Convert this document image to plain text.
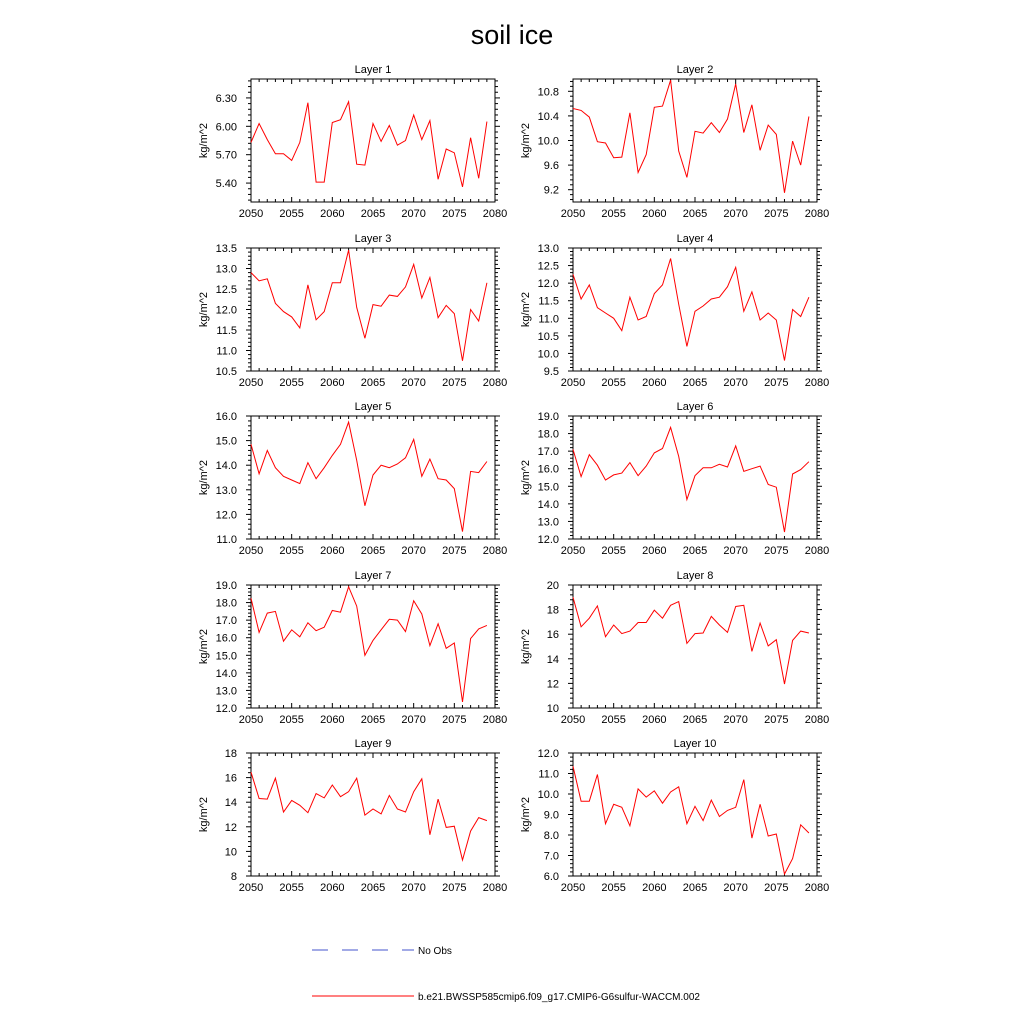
soil ice
Layer 1
kg/m^2
2050 2055 2060 2065 2070 2075 2080
5.40
5.70
6.00
6.30
Layer 2
kg/m^2
2050 2055 2060 2065 2070 2075 2080
9.2
9.6
10.0
10.4
10.8
Layer 3
kg/m^2
2050 2055 2060 2065 2070 2075 2080
10.5
11.0
11.5
12.0
12.5
13.0
13.5
Layer 4
kg/m^2
2050 2055 2060 2065 2070 2075 2080
9.5
10.0
10.5
11.0
11.5
12.0
12.5
13.0
Layer 5
kg/m^2
2050 2055 2060 2065 2070 2075 2080
11.0
12.0
13.0
14.0
15.0
16.0
Layer 6
kg/m^2
2050 2055 2060 2065 2070 2075 2080
12.0
13.0
14.0
15.0
16.0
17.0
18.0
19.0
Layer 7
kg/m^2
2050 2055 2060 2065 2070 2075 2080
12.0
13.0
14.0
15.0
16.0
17.0
18.0
19.0
Layer 8
kg/m^2
2050 2055 2060 2065 2070 2075 2080
10
12
14
16
18
20
Layer 9
kg/m^2
2050 2055 2060 2065 2070 2075 2080
8
10
12
14
16
18
Layer 10
kg/m^2
2050 2055 2060 2065 2070 2075 2080
6.0
7.0
8.0
9.0
10.0
11.0
12.0
No Obs
b.e21.BWSSP585cmip6.f09_g17.CMIP6-G6sulfur-WACCM.002
